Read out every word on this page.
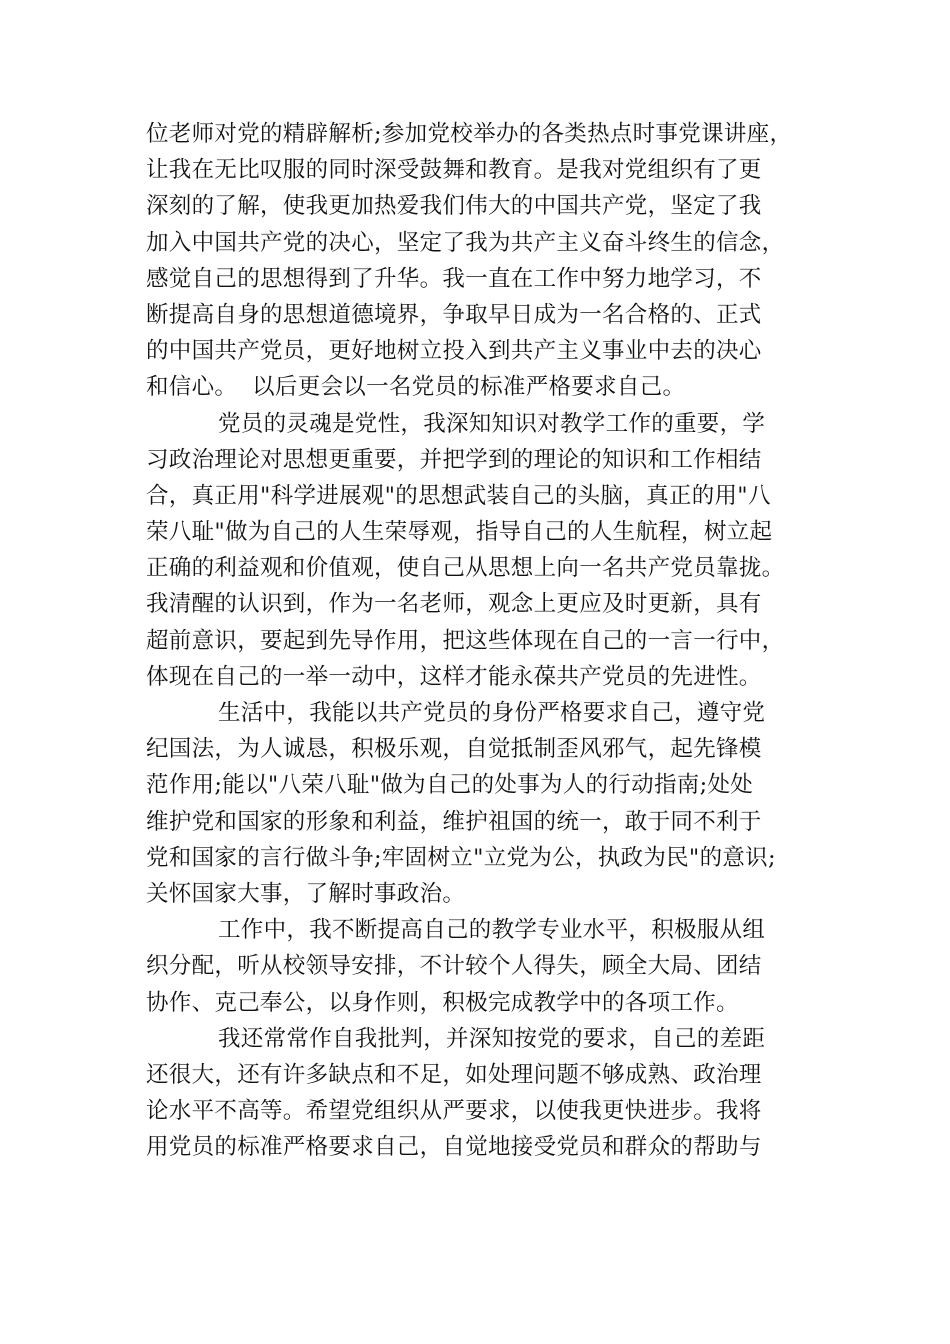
位老师对党的精辟解析;参加党校举办的各类热点时事党课讲座，
让我在无比叹服的同时深受鼓舞和教育。是我对党组织有了更
深刻的了解，使我更加热爱我们伟大的中国共产党，坚定了我
加入中国共产党的决心，坚定了我为共产主义奋斗终生的信念，
感觉自己的思想得到了升华。我一直在工作中努力地学习，不
断提高自身的思想道德境界，争取早日成为一名合格的、正式
的中国共产党员，更好地树立投入到共产主义事业中去的决心
和信心。  以后更会以一名党员的标准严格要求自己。
党员的灵魂是党性，我深知知识对教学工作的重要，学
习政治理论对思想更重要，并把学到的理论的知识和工作相结
合，真正用"科学进展观"的思想武装自己的头脑，真正的用"八
荣八耻"做为自己的人生荣辱观，指导自己的人生航程，树立起
正确的利益观和价值观，使自己从思想上向一名共产党员靠拢。
我清醒的认识到，作为一名老师，观念上更应及时更新，具有
超前意识，要起到先导作用，把这些体现在自己的一言一行中，
体现在自己的一举一动中，这样才能永葆共产党员的先进性。
生活中，我能以共产党员的身份严格要求自己，遵守党
纪国法，为人诚恳，积极乐观，自觉抵制歪风邪气，起先锋模
范作用;能以"八荣八耻"做为自己的处事为人的行动指南;处处
维护党和国家的形象和利益，维护祖国的统一，敢于同不利于
党和国家的言行做斗争;牢固树立"立党为公，执政为民"的意识;
关怀国家大事，了解时事政治。
工作中，我不断提高自己的教学专业水平，积极服从组
织分配，听从校领导安排，不计较个人得失，顾全大局、团结
协作、克己奉公，以身作则，积极完成教学中的各项工作。
我还常常作自我批判，并深知按党的要求，自己的差距
还很大，还有许多缺点和不足，如处理问题不够成熟、政治理
论水平不高等。希望党组织从严要求，以使我更快进步。我将
用党员的标准严格要求自己，自觉地接受党员和群众的帮助与
